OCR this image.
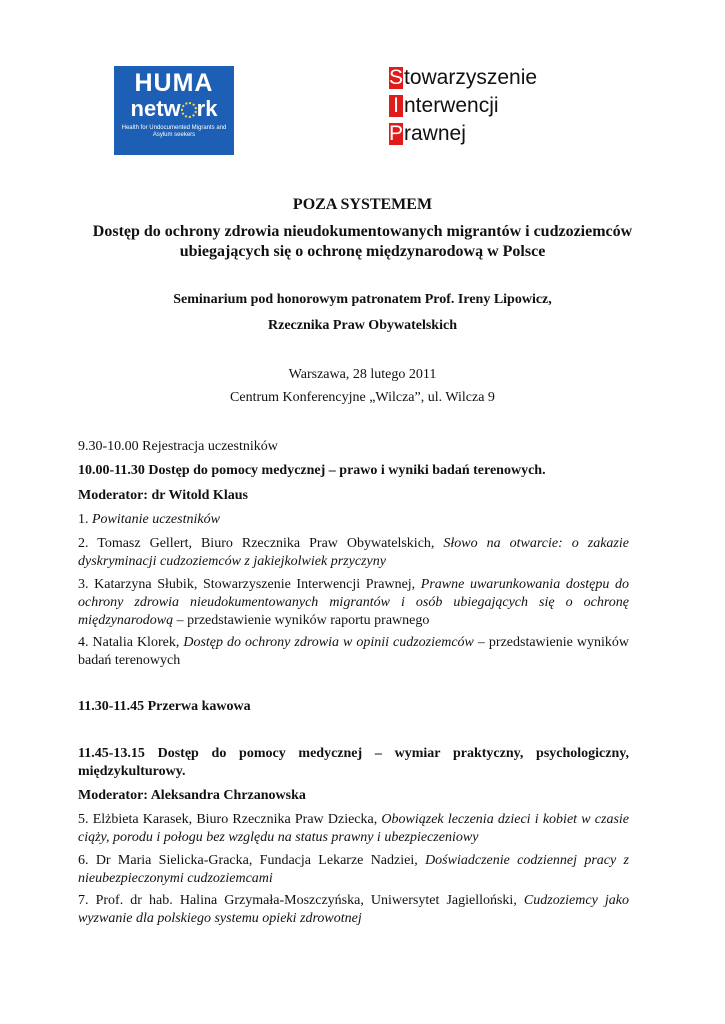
HUMA
netw rk
Health for Undocumented Migrants and Asylum seekers
Stowarzyszenie
I nterwencji
Prawnej
POZA SYSTEMEM
Dostęp do ochrony zdrowia nieudokumentowanych migrantów i cudzoziemców ubiegających się o ochronę międzynarodową w Polsce
Seminarium pod honorowym patronatem Prof. Ireny Lipowicz,
Rzecznika Praw Obywatelskich
Warszawa, 28 lutego 2011
Centrum Konferencyjne „Wilcza”, ul. Wilcza 9
9.30-10.00 Rejestracja uczestników
10.00-11.30 Dostęp do pomocy medycznej – prawo i wyniki badań terenowych.
Moderator: dr Witold Klaus
1. Powitanie uczestników
2. Tomasz Gellert, Biuro Rzecznika Praw Obywatelskich, Słowo na otwarcie: o zakazie dyskryminacji cudzoziemców z jakiejkolwiek przyczyny
3. Katarzyna Słubik, Stowarzyszenie Interwencji Prawnej, Prawne uwarunkowania dostępu do ochrony zdrowia nieudokumentowanych migrantów i osób ubiegających się o ochronę międzynarodową – przedstawienie wyników raportu prawnego
4. Natalia Klorek, Dostęp do ochrony zdrowia w opinii cudzoziemców – przedstawienie wyników badań terenowych
11.30-11.45 Przerwa kawowa
11.45-13.15 Dostęp do pomocy medycznej – wymiar praktyczny, psychologiczny, międzykulturowy.
Moderator: Aleksandra Chrzanowska
5. Elżbieta Karasek, Biuro Rzecznika Praw Dziecka, Obowiązek leczenia dzieci i kobiet w czasie ciąży, porodu i połogu bez względu na status prawny i ubezpieczeniowy
6. Dr Maria Sielicka-Gracka, Fundacja Lekarze Nadziei, Doświadczenie codziennej pracy z nieubezpieczonymi cudzoziemcami
7. Prof. dr hab. Halina Grzymała-Moszczyńska, Uniwersytet Jagielloński, Cudzoziemcy jako wyzwanie dla polskiego systemu opieki zdrowotnej
